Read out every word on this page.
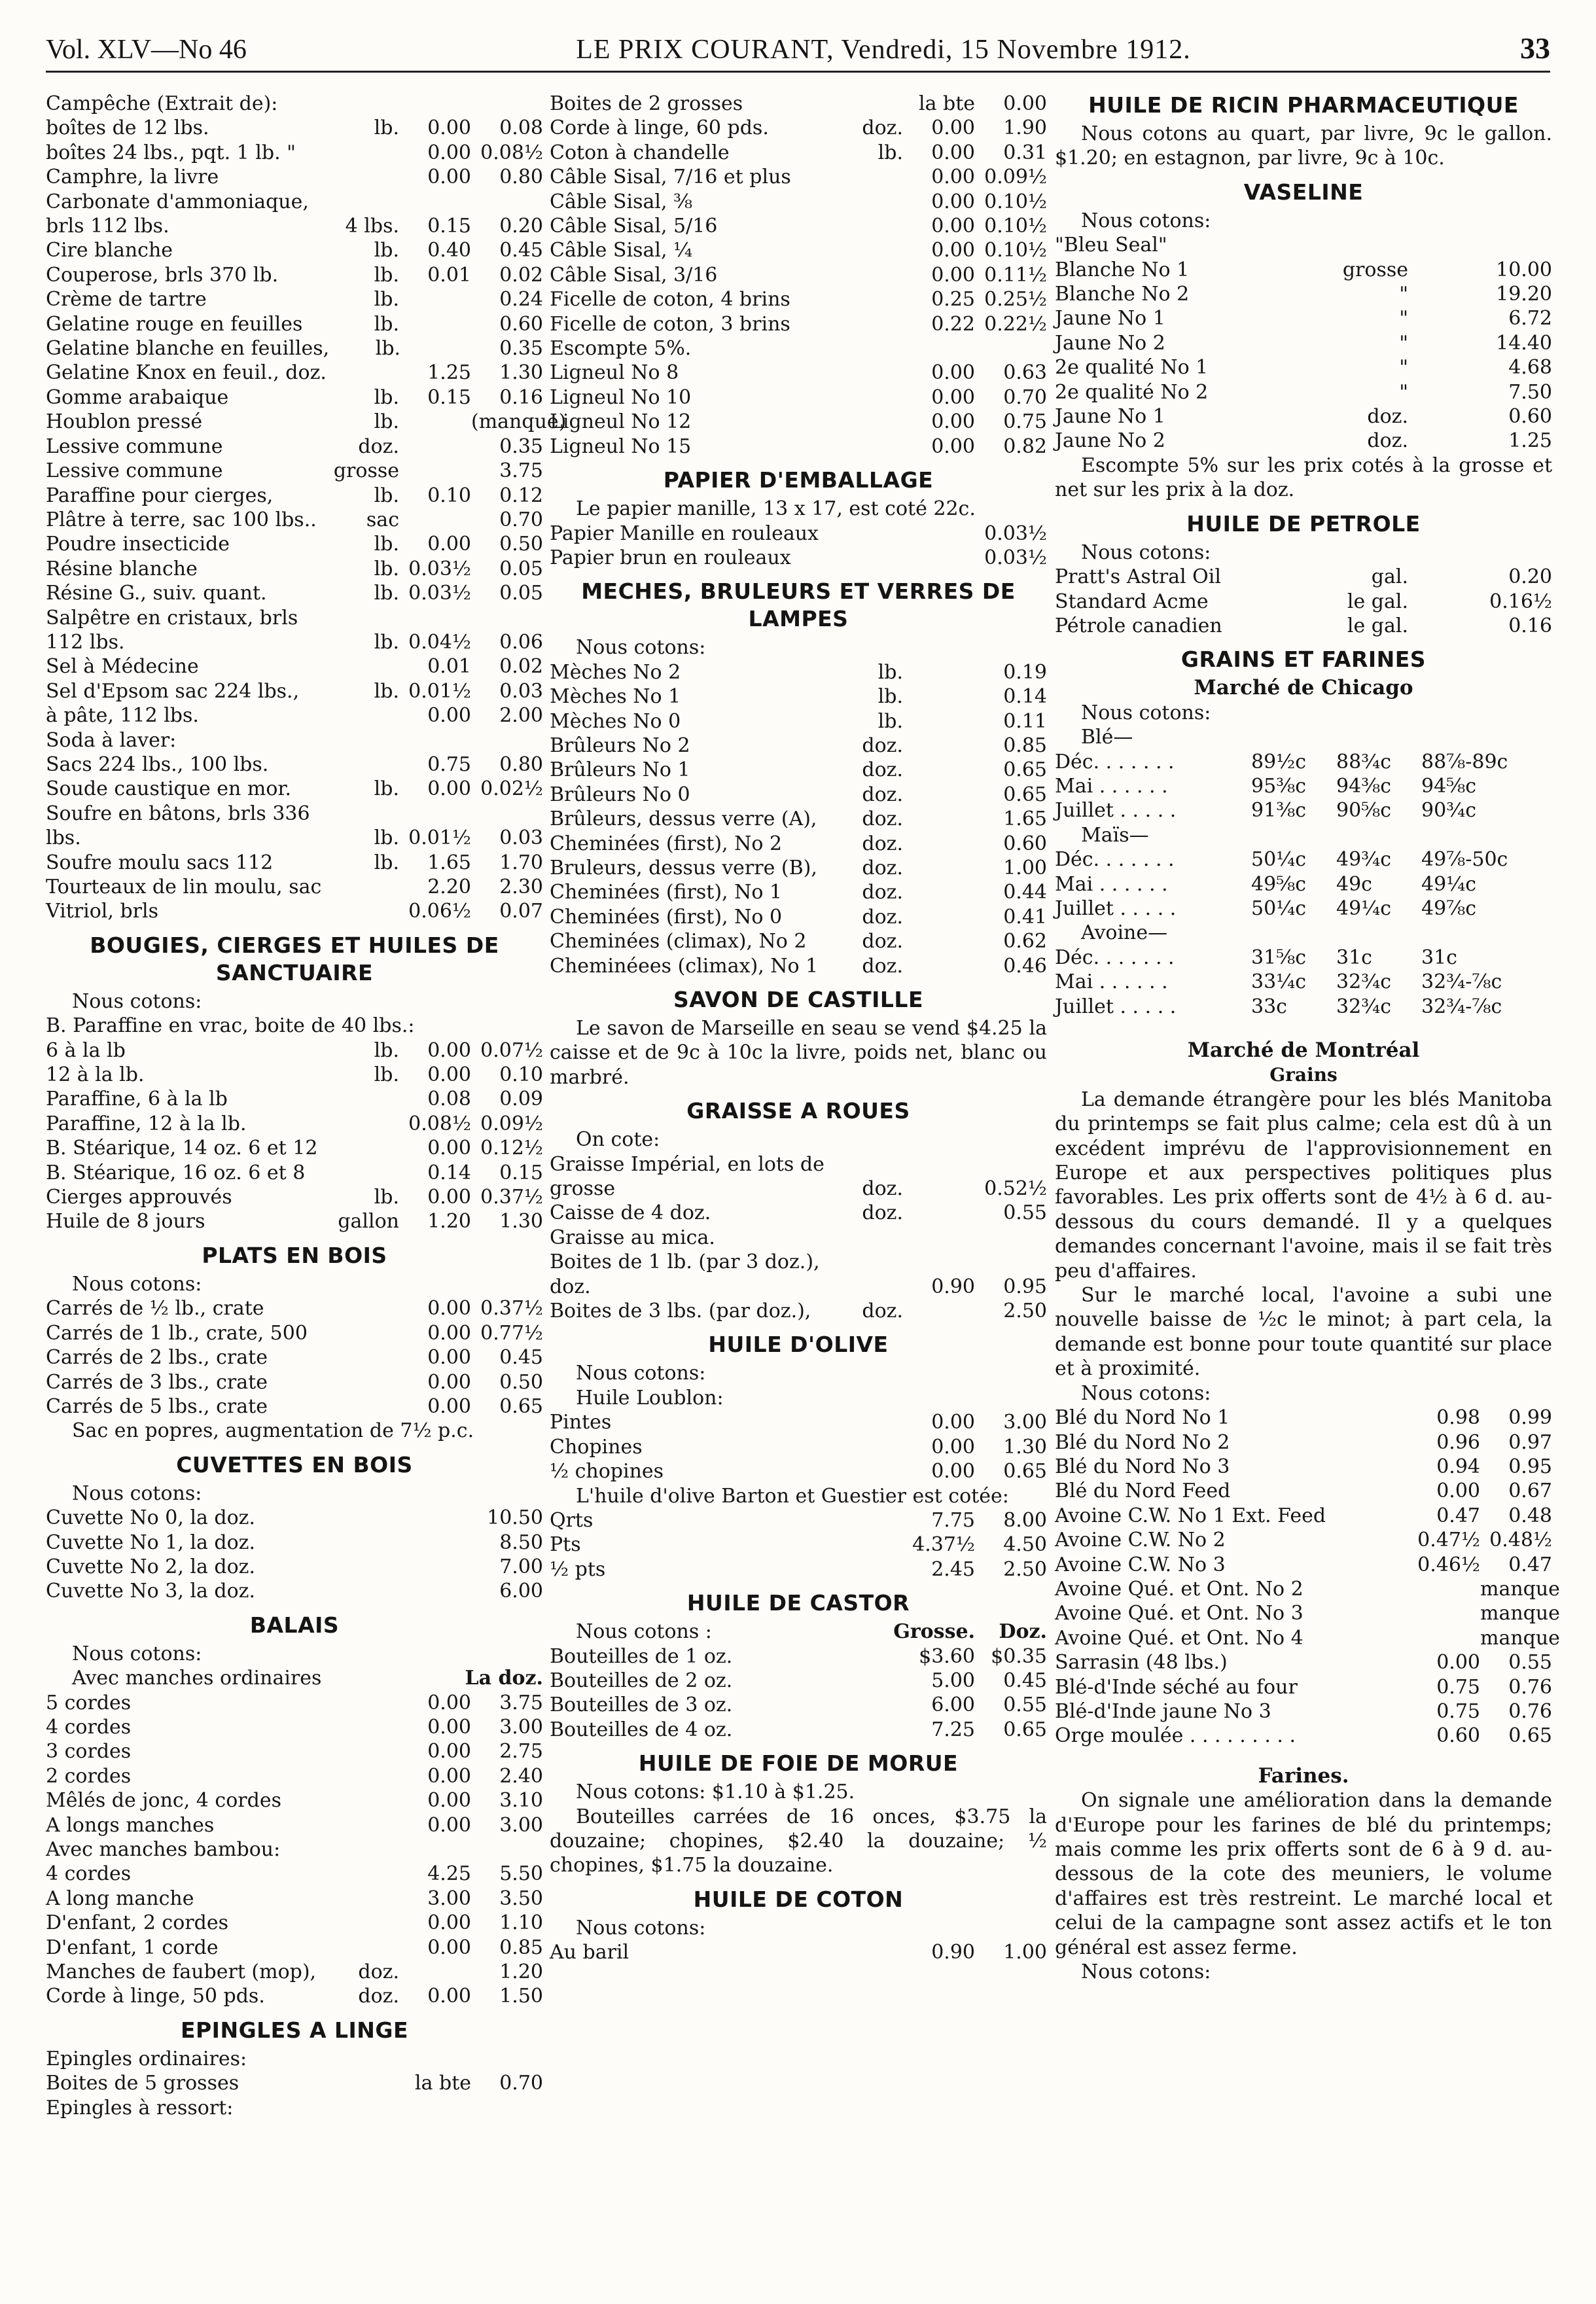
Vol. XLV—No 46	LE PRIX COURANT, Vendredi, 15 Novembre 1912.	33
Campêche (Extrait de):
boîtes de 12 lbs.	lb.	0.00	0.08
boîtes 24 lbs., pqt. 1 lb. "	0.00 0.08½
Camphre, la livre	0.00	0.80
Carbonate d'ammoniaque,
brls 112 lbs.	4 lbs.	0.15	0.20
Cire blanche	lb.	0.40	0.45
Couperose, brls 370 lb.	lb.	0.01	0.02
Crème de tartre	lb.	0.24
Gelatine rouge en feuilles	lb.	0.60
Gelatine blanche en feuilles,	lb.	0.35
Gelatine Knox en feuil., doz.	1.25	1.30
Gomme arabaique	lb.	0.15	0.16
Houblon pressé	lb.	(manque)
Lessive commune	doz.	0.35
Lessive commune	grosse	3.75
Paraffine pour cierges,	lb.	0.10	0.12
Plâtre à terre, sac 100 lbs..	sac	0.70
Poudre insecticide	lb.	0.00	0.50
Résine blanche	lb. 0.03½	0.05
Résine G., suiv. quant.	lb. 0.03½	0.05
Salpêtre en cristaux, brls
112 lbs.	lb. 0.04½	0.06
Sel à Médecine	0.01	0.02
Sel d'Epsom sac 224 lbs.,	lb. 0.01½	0.03
à pâte, 112 lbs.	0.00	2.00
Soda à laver:
Sacs 224 lbs., 100 lbs.	0.75	0.80
Soude caustique en mor.	lb.	0.00 0.02½
Soufre en bâtons, brls 336
lbs.	lb. 0.01½	0.03
Soufre moulu sacs 112	lb.	1.65	1.70
Tourteaux de lin moulu, sac	2.20	2.30
Vitriol, brls	0.06½	0.07
BOUGIES, CIERGES ET HUILES DE SANCTUAIRE
Nous cotons:
B. Paraffine en vrac, boite de 40 lbs.:
6 à la lb	lb.	0.00 0.07½
12 à la lb.	lb.	0.00	0.10
Paraffine, 6 à la lb	0.08	0.09
Paraffine, 12 à la lb.	0.08½ 0.09½
B. Stéarique, 14 oz. 6 et 12	0.00 0.12½
B. Stéarique, 16 oz. 6 et 8	0.14	0.15
Cierges approuvés	lb.	0.00 0.37½
Huile de 8 jours	gallon	1.20	1.30
PLATS EN BOIS
Nous cotons:
Carrés de ½ lb., crate	0.00 0.37½
Carrés de 1 lb., crate, 500	0.00 0.77½
Carrés de 2 lbs., crate	0.00	0.45
Carrés de 3 lbs., crate	0.00	0.50
Carrés de 5 lbs., crate	0.00	0.65
Sac en popres, augmentation de 7½ p.c.
CUVETTES EN BOIS
Nous cotons:
Cuvette No 0, la doz.	10.50
Cuvette No 1, la doz.	8.50
Cuvette No 2, la doz.	7.00
Cuvette No 3, la doz.	6.00
BALAIS
Nous cotons:
Avec manches ordinaires	La doz.
5 cordes	0.00	3.75
4 cordes	0.00	3.00
3 cordes	0.00	2.75
2 cordes	0.00	2.40
Mêlés de jonc, 4 cordes	0.00	3.10
A longs manches	0.00	3.00
Avec manches bambou:
4 cordes	4.25	5.50
A long manche	3.00	3.50
D'enfant, 2 cordes	0.00	1.10
D'enfant, 1 corde	0.00	0.85
Manches de faubert (mop),	doz.	1.20
Corde à linge, 50 pds.	doz.	0.00	1.50
EPINGLES A LINGE
Epingles ordinaires:
Boites de 5 grosses	la bte	0.70
Epingles à ressort:
Boites de 2 grosses	la bte	0.00
Corde à linge, 60 pds.	doz.	0.00	1.90
Coton à chandelle	lb.	0.00	0.31
Câble Sisal, 7/16 et plus	0.00 0.09½
Câble Sisal, ⅜	0.00 0.10½
Câble Sisal, 5/16	0.00 0.10½
Câble Sisal, ¼	0.00 0.10½
Câble Sisal, 3/16	0.00 0.11½
Ficelle de coton, 4 brins	0.25 0.25½
Ficelle de coton, 3 brins	0.22 0.22½
Escompte 5%.
Ligneul No 8	0.00	0.63
Ligneul No 10	0.00	0.70
Ligneul No 12	0.00	0.75
Ligneul No 15	0.00	0.82
PAPIER D'EMBALLAGE
Le papier manille, 13 x 17, est coté 22c.
Papier Manille en rouleaux	0.03½
Papier brun en rouleaux	0.03½
MECHES, BRULEURS ET VERRES DE LAMPES
Nous cotons:
Mèches No 2	lb.	0.19
Mèches No 1	lb.	0.14
Mèches No 0	lb.	0.11
Brûleurs No 2	doz.	0.85
Brûleurs No 1	doz.	0.65
Brûleurs No 0	doz.	0.65
Brûleurs, dessus verre (A),	doz.	1.65
Cheminées (first), No 2	doz.	0.60
Bruleurs, dessus verre (B),	doz.	1.00
Cheminées (first), No 1	doz.	0.44
Cheminées (first), No 0	doz.	0.41
Cheminées (climax), No 2	doz.	0.62
Cheminéees (climax), No 1	doz.	0.46
SAVON DE CASTILLE
Le savon de Marseille en seau se vend $4.25 la caisse et de 9c à 10c la livre, poids net, blanc ou marbré.
GRAISSE A ROUES
On cote:
Graisse Impérial, en lots de
grosse	doz.	0.52½
Caisse de 4 doz.	doz.	0.55
Graisse au mica.
Boites de 1 lb. (par 3 doz.),
doz.	0.90	0.95
Boites de 3 lbs. (par doz.),	doz.	2.50
HUILE D'OLIVE
Nous cotons:
Huile Loublon:
Pintes	0.00	3.00
Chopines	0.00	1.30
½ chopines	0.00	0.65
L'huile d'olive Barton et Guestier est cotée:
Qrts	7.75	8.00
Pts	4.37½	4.50
½ pts	2.45	2.50
HUILE DE CASTOR
Nous cotons :	Grosse.	Doz.
Bouteilles de 1 oz.	$3.60 $0.35
Bouteilles de 2 oz.	5.00	0.45
Bouteilles de 3 oz.	6.00	0.55
Bouteilles de 4 oz.	7.25	0.65
HUILE DE FOIE DE MORUE
Nous cotons: $1.10 à $1.25.
Bouteilles carrées de 16 onces, $3.75 la douzaine; chopines, $2.40 la douzaine; ½ chopines, $1.75 la douzaine.
HUILE DE COTON
Nous cotons:
Au baril	0.90	1.00
HUILE DE RICIN PHARMACEUTIQUE
Nous cotons au quart, par livre, 9c le gallon. $1.20; en estagnon, par livre, 9c à 10c.
VASELINE
Nous cotons:
"Bleu Seal"
Blanche No 1	grosse	10.00
Blanche No 2	"	19.20
Jaune No 1	"	6.72
Jaune No 2	"	14.40
2e qualité No 1	"	4.68
2e qualité No 2	"	7.50
Jaune No 1	doz.	0.60
Jaune No 2	doz.	1.25
Escompte 5% sur les prix cotés à la grosse et net sur les prix à la doz.
HUILE DE PETROLE
Nous cotons:
Pratt's Astral Oil	gal.	0.20
Standard Acme	le gal.	0.16½
Pétrole canadien	le gal.	0.16
GRAINS ET FARINES
Marché de Chicago
Nous cotons:
Blé—
Déc. . . . . . .	89½c	88¾c	88⅞-89c
Mai . . . . . .	95⅜c	94⅜c	94⅝c
Juillet . . . . .	91⅜c	90⅝c	90¾c
Maïs—
Déc. . . . . . .	50¼c	49¾c	49⅞-50c
Mai . . . . . .	49⅝c	49c	49¼c
Juillet . . . . .	50¼c	49¼c	49⅞c
Avoine—
Déc. . . . . . .	31⅝c	31c	31c
Mai . . . . . .	33¼c	32¾c	32¾-⅞c
Juillet . . . . .	33c	32¾c	32¾-⅞c
Marché de Montréal
Grains
La demande étrangère pour les blés Manitoba du printemps se fait plus calme; cela est dû à un excédent imprévu de l'approvisionnement en Europe et aux perspectives politiques plus favorables. Les prix offerts sont de 4½ à 6 d. au-dessous du cours demandé. Il y a quelques demandes concernant l'avoine, mais il se fait très peu d'affaires.
Sur le marché local, l'avoine a subi une nouvelle baisse de ½c le minot; à part cela, la demande est bonne pour toute quantité sur place et à proximité.
Nous cotons:
Blé du Nord No 1	0.98	0.99
Blé du Nord No 2	0.96	0.97
Blé du Nord No 3	0.94	0.95
Blé du Nord Feed	0.00	0.67
Avoine C.W. No 1 Ext. Feed	0.47	0.48
Avoine C.W. No 2	0.47½ 0.48½
Avoine C.W. No 3	0.46½	0.47
Avoine Qué. et Ont. No 2	manque
Avoine Qué. et Ont. No 3	manque
Avoine Qué. et Ont. No 4	manque
Sarrasin (48 lbs.)	0.00	0.55
Blé-d'Inde séché au four	0.75	0.76
Blé-d'Inde jaune No 3	0.75	0.76
Orge moulée . . . . . . . . .	0.60	0.65
Farines.
On signale une amélioration dans la demande d'Europe pour les farines de blé du printemps; mais comme les prix offerts sont de 6 à 9 d. au-dessous de la cote des meuniers, le volume d'affaires est très restreint. Le marché local et celui de la campagne sont assez actifs et le ton général est assez ferme.
Nous cotons:
